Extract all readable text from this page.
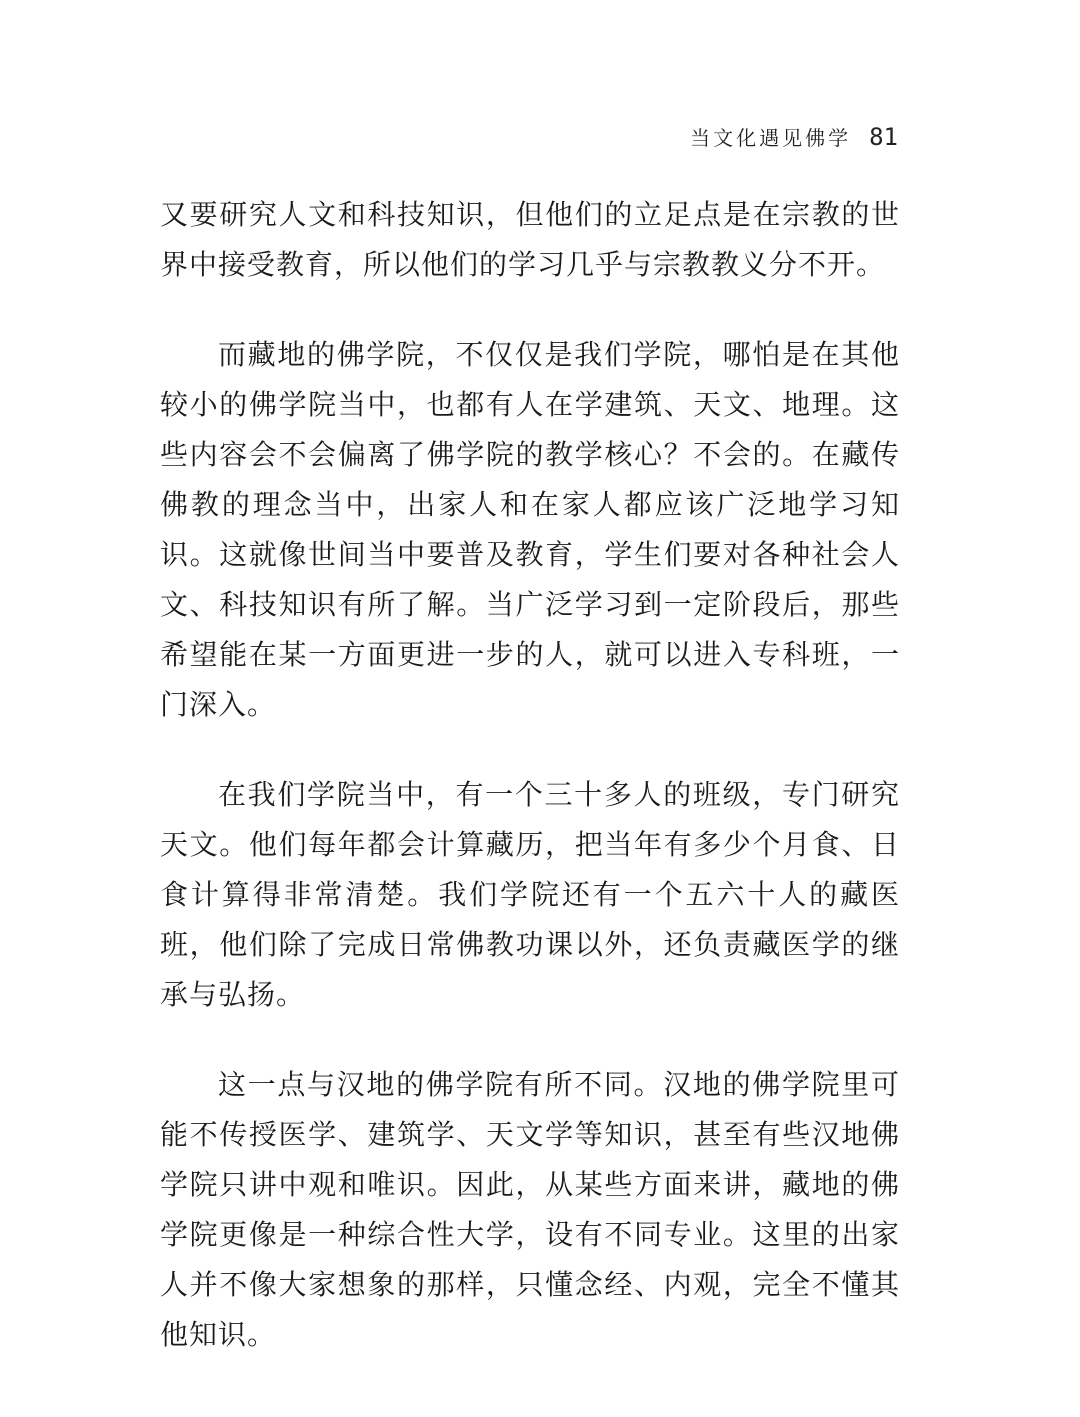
当文化遇见佛学 81

又要研究人文和科技知识，但他们的立足点是在宗教的世界中接受教育，所以他们的学习几乎与宗教教义分不开。

而藏地的佛学院，不仅仅是我们学院，哪怕是在其他较小的佛学院当中，也都有人在学建筑、天文、地理。这些内容会不会偏离了佛学院的教学核心？不会的。在藏传佛教的理念当中，出家人和在家人都应该广泛地学习知识。这就像世间当中要普及教育，学生们要对各种社会人文、科技知识有所了解。当广泛学习到一定阶段后，那些希望能在某一方面更进一步的人，就可以进入专科班，一门深入。

在我们学院当中，有一个三十多人的班级，专门研究天文。他们每年都会计算藏历，把当年有多少个月食、日食计算得非常清楚。我们学院还有一个五六十人的藏医班，他们除了完成日常佛教功课以外，还负责藏医学的继承与弘扬。

这一点与汉地的佛学院有所不同。汉地的佛学院里可能不传授医学、建筑学、天文学等知识，甚至有些汉地佛学院只讲中观和唯识。因此，从某些方面来讲，藏地的佛学院更像是一种综合性大学，设有不同专业。这里的出家人并不像大家想象的那样，只懂念经、内观，完全不懂其他知识。
